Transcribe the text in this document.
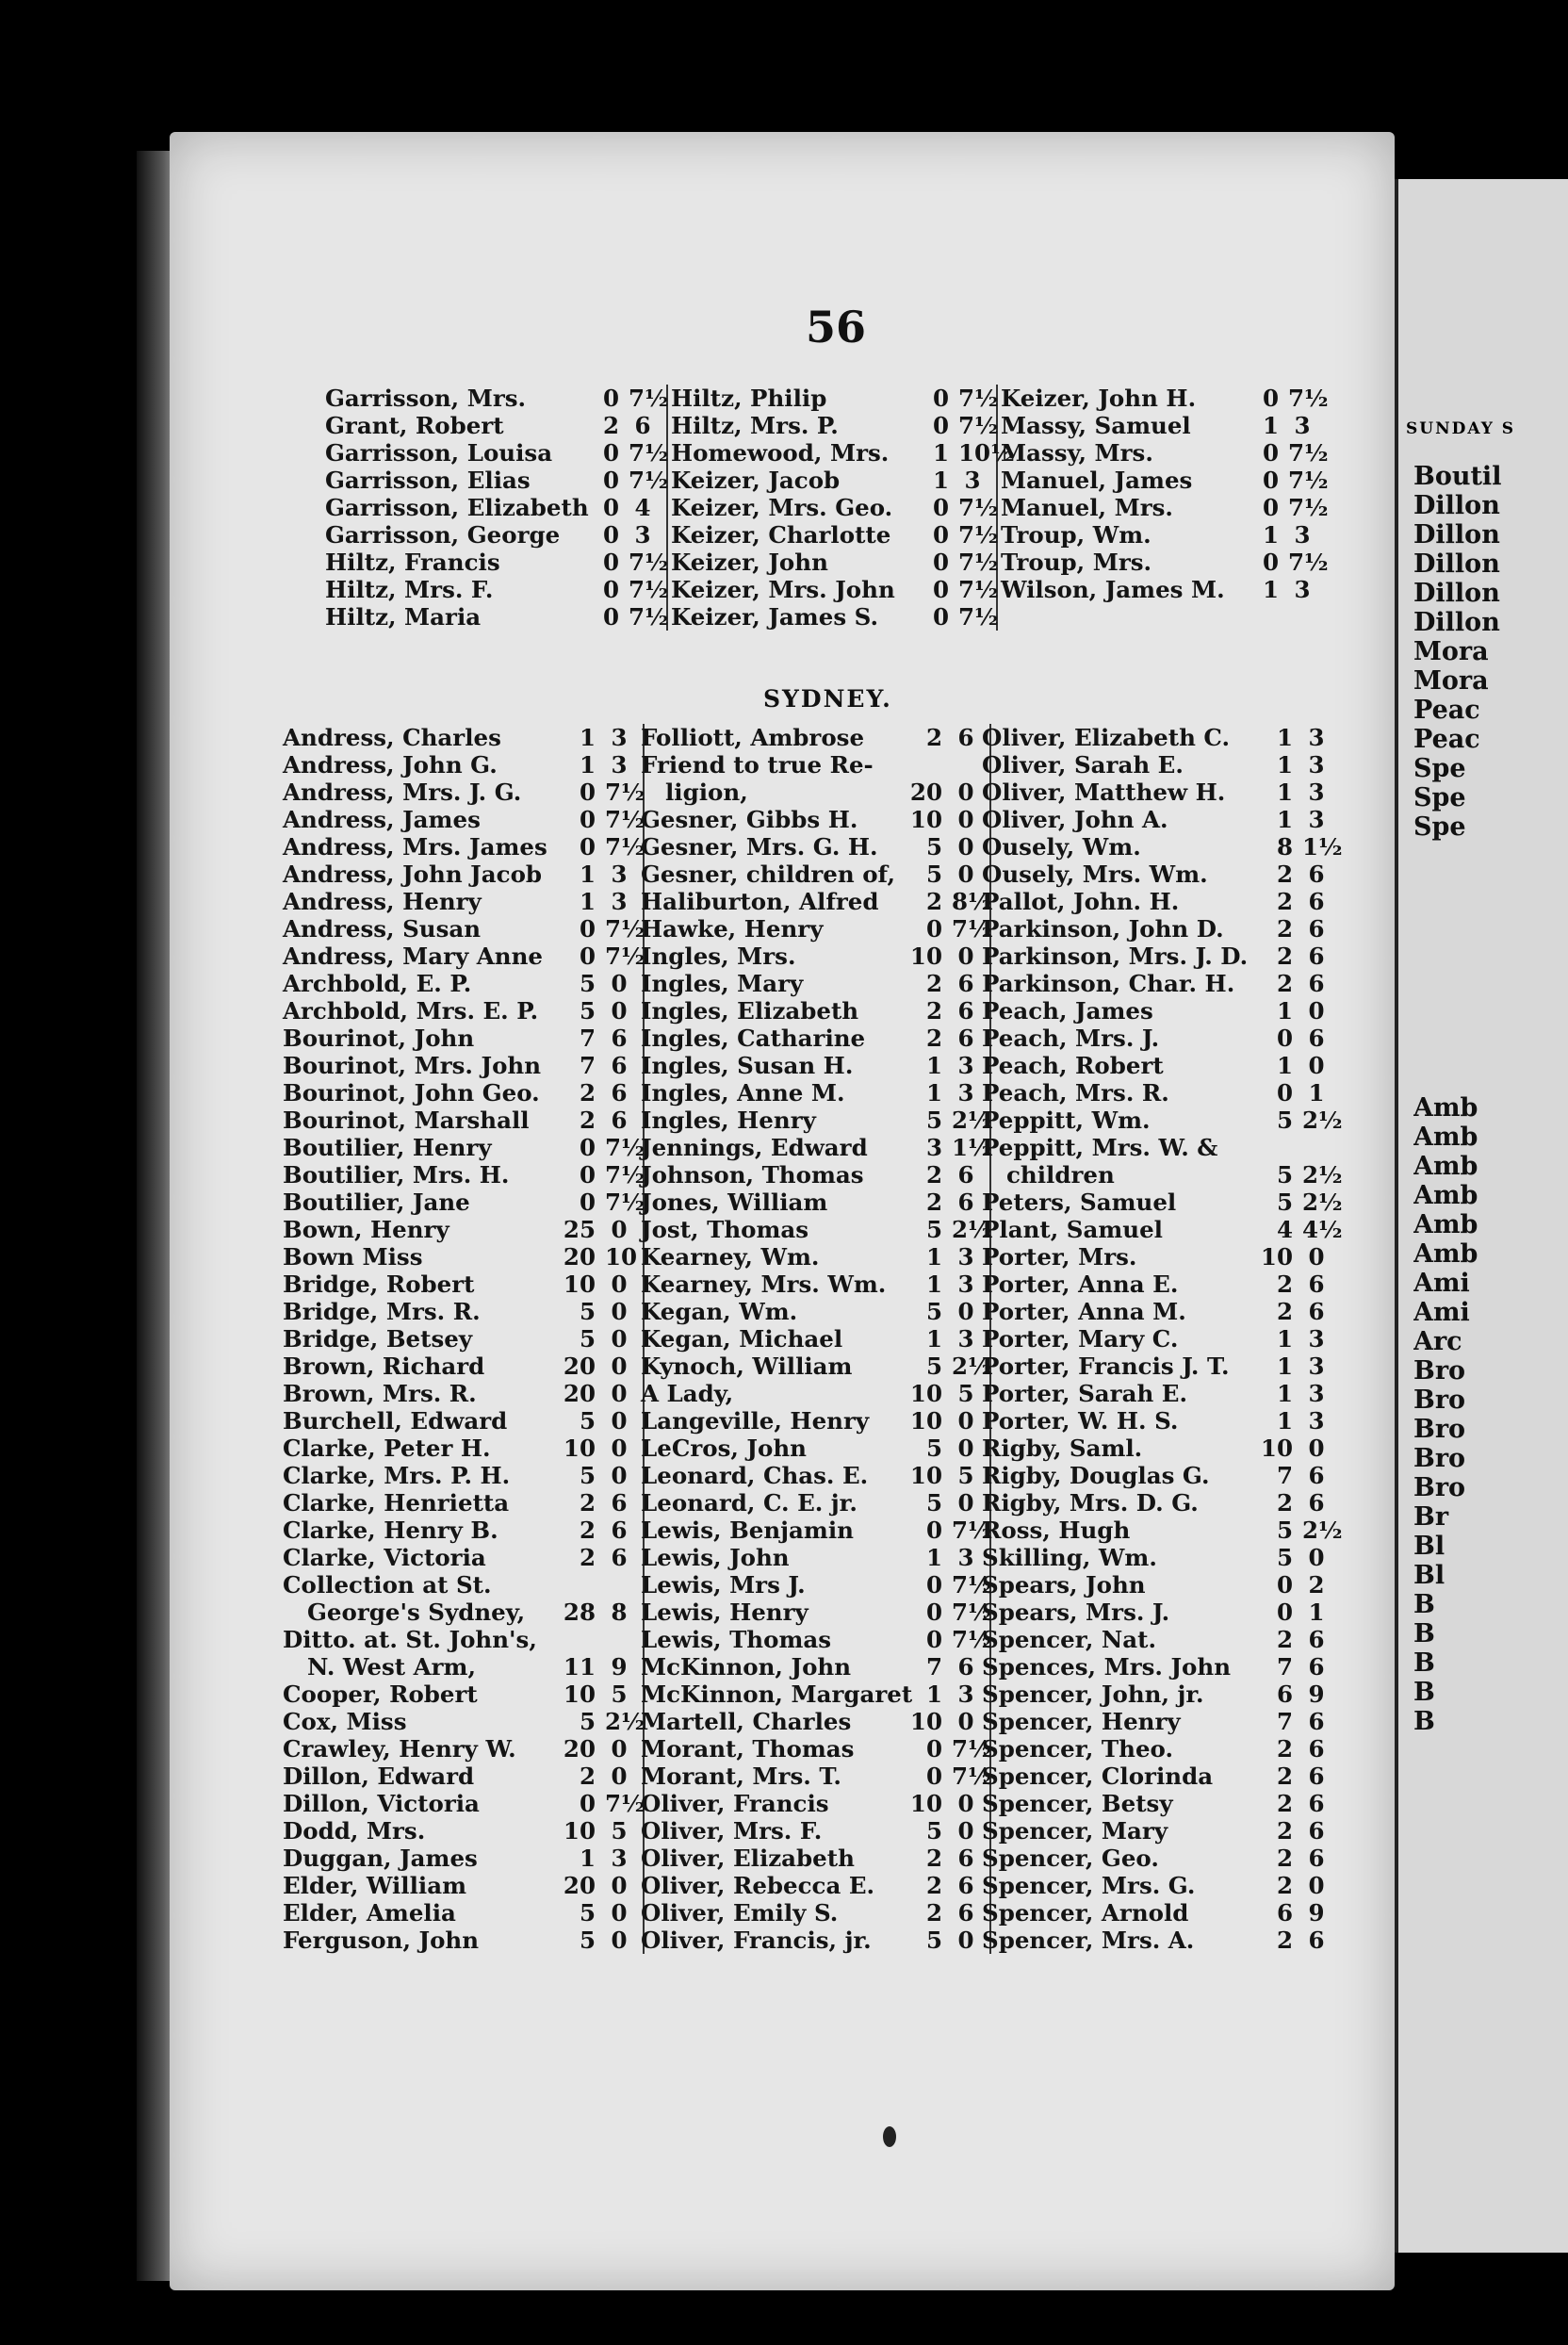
SUNDAY S
Boutil
Dillon
Dillon
Dillon
Dillon
Dillon
Mora
Mora
Peac
Peac
Spe
Spe
Spe
Amb
Amb
Amb
Amb
Amb
Amb
Ami
Ami
Arc
Bro
Bro
Bro
Bro
Bro
Br
Bl
Bl
B
B
B
B
B
56
Garrisson, Mrs.	0 7½
Grant, Robert	2 6
Garrisson, Louisa	0 7½
Garrisson, Elias	0 7½
Garrisson, Elizabeth 0 4
Garrisson, George	0 3
Hiltz, Francis	0 7½
Hiltz, Mrs. F.	0 7½
Hiltz, Maria	0 7½
Hiltz, Philip	0 7½
Hiltz, Mrs. P.	0 7½
Homewood, Mrs.	1 10½
Keizer, Jacob	1 3
Keizer, Mrs. Geo.	0 7½
Keizer, Charlotte	0 7½
Keizer, John	0 7½
Keizer, Mrs. John	0 7½
Keizer, James S.	0 7½
Keizer, John H.	0 7½
Massy, Samuel	1 3
Massy, Mrs.	0 7½
Manuel, James	0 7½
Manuel, Mrs.	0 7½
Troup, Wm.	1 3
Troup, Mrs.	0 7½
Wilson, James M.	1 3
SYDNEY.
Andress, Charles	1 3
Andress, John G.	1 3
Andress, Mrs. J. G.	0 7½
Andress, James	0 7½
Andress, Mrs. James	0 7½
Andress, John Jacob	1 3
Andress, Henry	1 3
Andress, Susan	0 7½
Andress, Mary Anne	0 7½
Archbold, E. P.	5 0
Archbold, Mrs. E. P.	5 0
Bourinot, John	7 6
Bourinot, Mrs. John	7 6
Bourinot, John Geo.	2 6
Bourinot, Marshall	2 6
Boutilier, Henry	0 7½
Boutilier, Mrs. H.	0 7½
Boutilier, Jane	0 7½
Bown, Henry	25 0
Bown Miss	20 10
Bridge, Robert	10 0
Bridge, Mrs. R.	5 0
Bridge, Betsey	5 0
Brown, Richard	20 0
Brown, Mrs. R.	20 0
Burchell, Edward	5 0
Clarke, Peter H.	10 0
Clarke, Mrs. P. H.	5 0
Clarke, Henrietta	2 6
Clarke, Henry B.	2 6
Clarke, Victoria	2 6
Collection at St.
George's Sydney,	28 8
Ditto. at. St. John's,
N. West Arm,	11 9
Cooper, Robert	10 5
Cox, Miss	5 2½
Crawley, Henry W.	20 0
Dillon, Edward	2 0
Dillon, Victoria	0 7½
Dodd, Mrs.	10 5
Duggan, James	1 3
Elder, William	20 0
Elder, Amelia	5 0
Ferguson, John	5 0
Folliott, Ambrose	2 6
Friend to true Re-
ligion,	20 0
Gesner, Gibbs H.	10 0
Gesner, Mrs. G. H.	5 0
Gesner, children of,	5 0
Haliburton, Alfred	2 8½
Hawke, Henry	0 7½
Ingles, Mrs.	10 0
Ingles, Mary	2 6
Ingles, Elizabeth	2 6
Ingles, Catharine	2 6
Ingles, Susan H.	1 3
Ingles, Anne M.	1 3
Ingles, Henry	5 2½
Jennings, Edward	3 1½
Johnson, Thomas	2 6
Jones, William	2 6
Jost, Thomas	5 2½
Kearney, Wm.	1 3
Kearney, Mrs. Wm.	1 3
Kegan, Wm.	5 0
Kegan, Michael	1 3
Kynoch, William	5 2½
A Lady,	10 5
Langeville, Henry	10 0
LeCros, John	5 0
Leonard, Chas. E.	10 5
Leonard, C. E. jr.	5 0
Lewis, Benjamin	0 7½
Lewis, John	1 3
Lewis, Mrs J.	0 7½
Lewis, Henry	0 7½
Lewis, Thomas	0 7½
McKinnon, John	7 6
McKinnon, Margaret 1 3
Martell, Charles	10 0
Morant, Thomas	0 7½
Morant, Mrs. T.	0 7½
Oliver, Francis	10 0
Oliver, Mrs. F.	5 0
Oliver, Elizabeth	2 6
Oliver, Rebecca E.	2 6
Oliver, Emily S.	2 6
Oliver, Francis, jr.	5 0
Oliver, Elizabeth C.	1 3
Oliver, Sarah E.	1 3
Oliver, Matthew H.	1 3
Oliver, John A.	1 3
Ousely, Wm.	8 1½
Ousely, Mrs. Wm.	2 6
Pallot, John. H.	2 6
Parkinson, John D.	2 6
Parkinson, Mrs. J. D.	2 6
Parkinson, Char. H.	2 6
Peach, James	1 0
Peach, Mrs. J.	0 6
Peach, Robert	1 0
Peach, Mrs. R.	0 1
Peppitt, Wm.	5 2½
Peppitt, Mrs. W. &
children	5 2½
Peters, Samuel	5 2½
Plant, Samuel	4 4½
Porter, Mrs.	10 0
Porter, Anna E.	2 6
Porter, Anna M.	2 6
Porter, Mary C.	1 3
Porter, Francis J. T.	1 3
Porter, Sarah E.	1 3
Porter, W. H. S.	1 3
Rigby, Saml.	10 0
Rigby, Douglas G.	7 6
Rigby, Mrs. D. G.	2 6
Ross, Hugh	5 2½
Skilling, Wm.	5 0
Spears, John	0 2
Spears, Mrs. J.	0 1
Spencer, Nat.	2 6
Spences, Mrs. John	7 6
Spencer, John, jr.	6 9
Spencer, Henry	7 6
Spencer, Theo.	2 6
Spencer, Clorinda	2 6
Spencer, Betsy	2 6
Spencer, Mary	2 6
Spencer, Geo.	2 6
Spencer, Mrs. G.	2 0
Spencer, Arnold	6 9
Spencer, Mrs. A.	2 6
